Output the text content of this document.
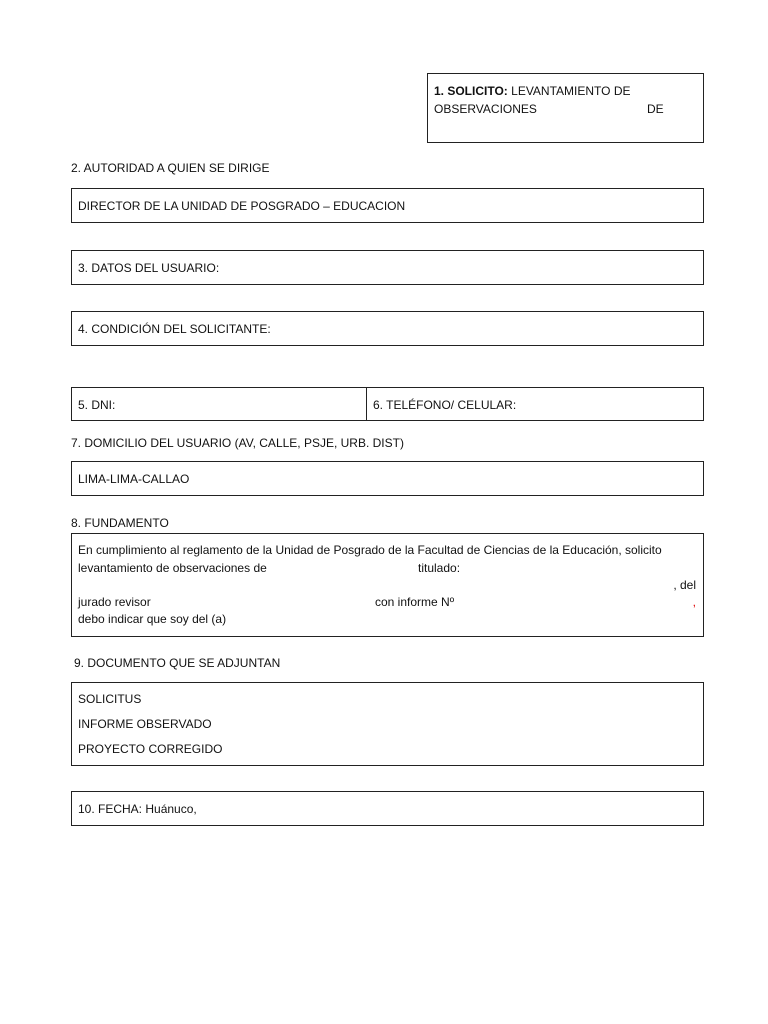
1. SOLICITO: LEVANTAMIENTO DE
OBSERVACIONES	DE
2. AUTORIDAD A QUIEN SE DIRIGE
DIRECTOR DE LA UNIDAD DE POSGRADO – EDUCACION
3. DATOS DEL USUARIO:
4. CONDICIÓN DEL SOLICITANTE:
5. DNI:	6. TELÉFONO/ CELULAR:
7. DOMICILIO DEL USUARIO (AV, CALLE, PSJE, URB. DIST)
LIMA-LIMA-CALLAO
8. FUNDAMENTO
En cumplimiento al reglamento de la Unidad de Posgrado de la Facultad de Ciencias de la Educación, solicito
levantamiento de observaciones de	titulado:
, del
jurado revisor	con informe Nº	,
debo indicar que soy del (a)
9. DOCUMENTO QUE SE ADJUNTAN
SOLICITUS
INFORME OBSERVADO
PROYECTO CORREGIDO
10. FECHA: Huánuco,
